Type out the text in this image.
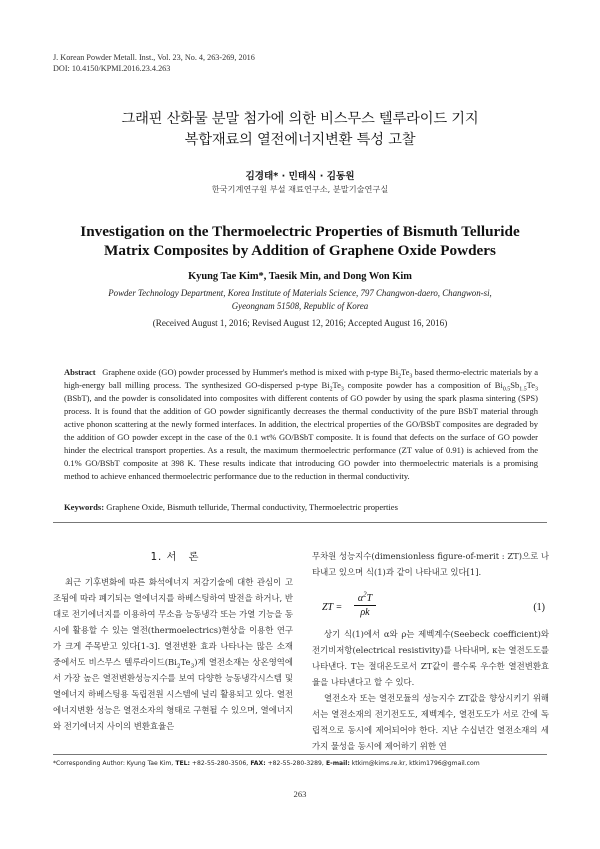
J. Korean Powder Metall. Inst., Vol. 23, No. 4, 263-269, 2016
DOI: 10.4150/KPMI.2016.23.4.263
그래핀 산화물 분말 첨가에 의한 비스무스 텔루라이드 기지
복합재료의 열전에너지변환 특성 고찰
김경태* · 민태식 · 김동원
한국기계연구원 부설 재료연구소, 분말기술연구실
Investigation on the Thermoelectric Properties of Bismuth Telluride
Matrix Composites by Addition of Graphene Oxide Powders
Kyung Tae Kim*, Taesik Min, and Dong Won Kim
Powder Technology Department, Korea Institute of Materials Science, 797 Changwon-daero, Changwon-si,
Gyeongnam 51508, Republic of Korea
(Received August 1, 2016; Revised August 12, 2016; Accepted August 16, 2016)
Abstract Graphene oxide (GO) powder processed by Hummer's method is mixed with p-type $Bi_2Te_3$ based thermo-electric materials by a high-energy ball milling process. The synthesized GO-dispersed p-type $Bi_2Te_3$ composite powder has a composition of $Bi_{0.5}Sb_{1.5}Te_3$ (BSbT), and the powder is consolidated into composites with different contents of GO powder by using the spark plasma sintering (SPS) process. It is found that the addition of GO powder significantly decreases the thermal conductivity of the pure BSbT material through active phonon scattering at the newly formed interfaces. In addition, the electrical properties of the GO/BSbT composites are degraded by the addition of GO powder except in the case of the 0.1 wt% GO/BSbT composite. It is found that defects on the surface of GO powder hinder the electrical transport properties. As a result, the maximum thermoelectric performance (ZT value of 0.91) is achieved from the 0.1% GO/BSbT composite at 398 K. These results indicate that introducing GO powder into thermoelectric materials is a promising method to achieve enhanced thermoelectric performance due to the reduction in thermal conductivity.
Keywords: Graphene Oxide, Bismuth telluride, Thermal conductivity, Thermoelectric properties
1. 서　론

최근 기후변화에 따른 화석에너지 저감기술에 대한 관심이 고조됨에 따라 폐기되는 열에너지를 하베스팅하여 발전을 하거나, 반대로 전기에너지를 이용하여 무소음 능동냉각 또는 가열 기능을 동시에 활용할 수 있는 열전(thermoelectrics)현상을 이용한 연구가 크게 주목받고 있다[1-3]. 열전변환 효과 나타나는 많은 소재 중에서도 비스무스 텔루라이드$(Bi_2Te_3)$계 열전소재는 상온영역에서 가장 높은 열전변환성능지수를 보여 다양한 능동냉각시스템 및 열에너지 하베스팅용 독립전원 시스템에 널리 활용되고 있다. 열전에너지변환 성능은 열전소자의 형태로 구현될 수 있으며, 열에너지와 전기에너지 사이의 변환효율은

무차원 성능지수(dimensionless figure-of-merit : ZT)으로 나타내고 있으며 식(1)과 같이 나타내고 있다[1].

ZT = $\frac{\alpha^2T}{\rho k}$	(1)

상기 식(1)에서 α와 ρ는 제벡계수(Seebeck coefficient)와 전기비저항(electrical resistivity)를 나타내며, κ는 열전도도를 나타낸다. T는 절대온도로서 ZT값이 클수록 우수한 열전변환효율을 나타낸다고 할 수 있다.

열전소자 또는 열전모듈의 성능지수 ZT값을 향상시키기 위해서는 열전소재의 전기전도도, 제벡계수, 열전도도가 서로 간에 독립적으로 동시에 제어되어야 한다. 지난 수십년간 열전소재의 세 가지 물성을 동시에 제어하기 위한 연

*Corresponding Author: Kyung Tae Kim, TEL: +82-55-280-3506, FAX: +82-55-280-3289, E-mail: ktkim@kims.re.kr, ktkim1796@gmail.com
263
